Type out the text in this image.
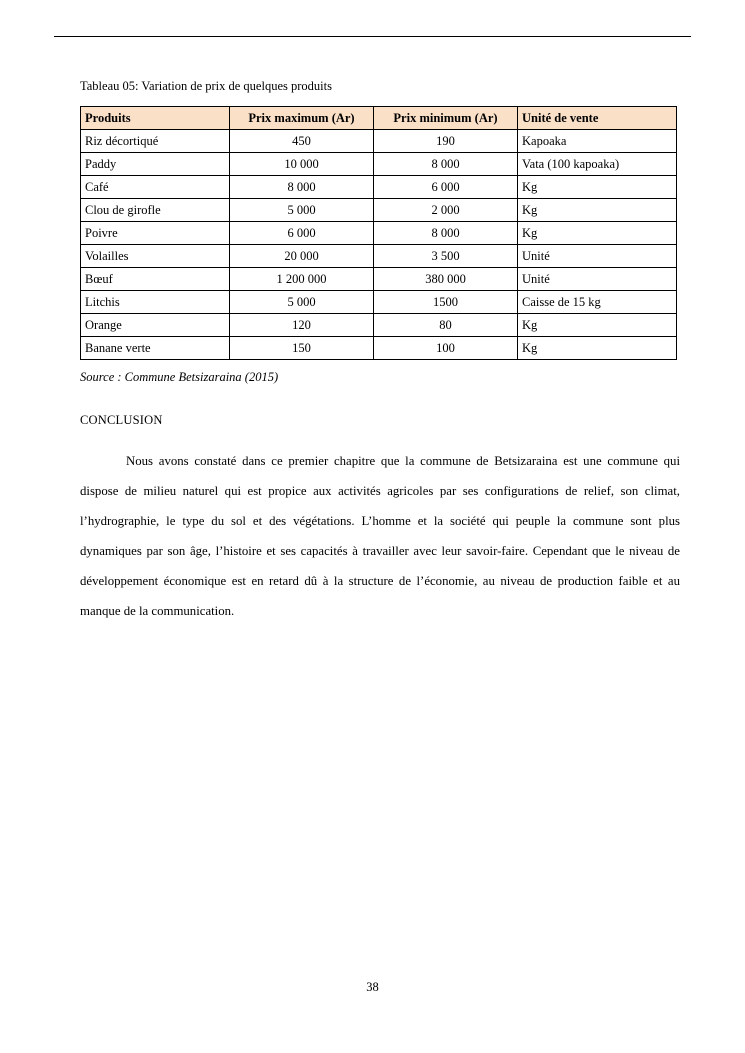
Tableau 05: Variation de prix de quelques produits

Produits	Prix maximum (Ar)	Prix minimum (Ar)	Unité de vente
Riz décortiqué	450	190	Kapoaka
Paddy	10 000	8 000	Vata (100 kapoaka)
Café	8 000	6 000	Kg
Clou de girofle	5 000	2 000	Kg
Poivre	6 000	8 000	Kg
Volailles	20 000	3 500	Unité
Bœuf	1 200 000	380 000	Unité
Litchis	5 000	1500	Caisse de 15 kg
Orange	120	80	Kg
Banane verte	150	100	Kg

Source : Commune Betsizaraina (2015)

CONCLUSION

Nous avons constaté dans ce premier chapitre que la commune de Betsizaraina est une commune qui dispose de milieu naturel qui est propice aux activités agricoles par ses configurations de relief, son climat, l’hydrographie, le type du sol et des végétations. L’homme et la société qui peuple la commune sont plus dynamiques par son âge, l’histoire et ses capacités à travailler avec leur savoir-faire. Cependant que le niveau de développement économique est en retard dû à la structure de l’économie, au niveau de production faible et au manque de la communication.

38
